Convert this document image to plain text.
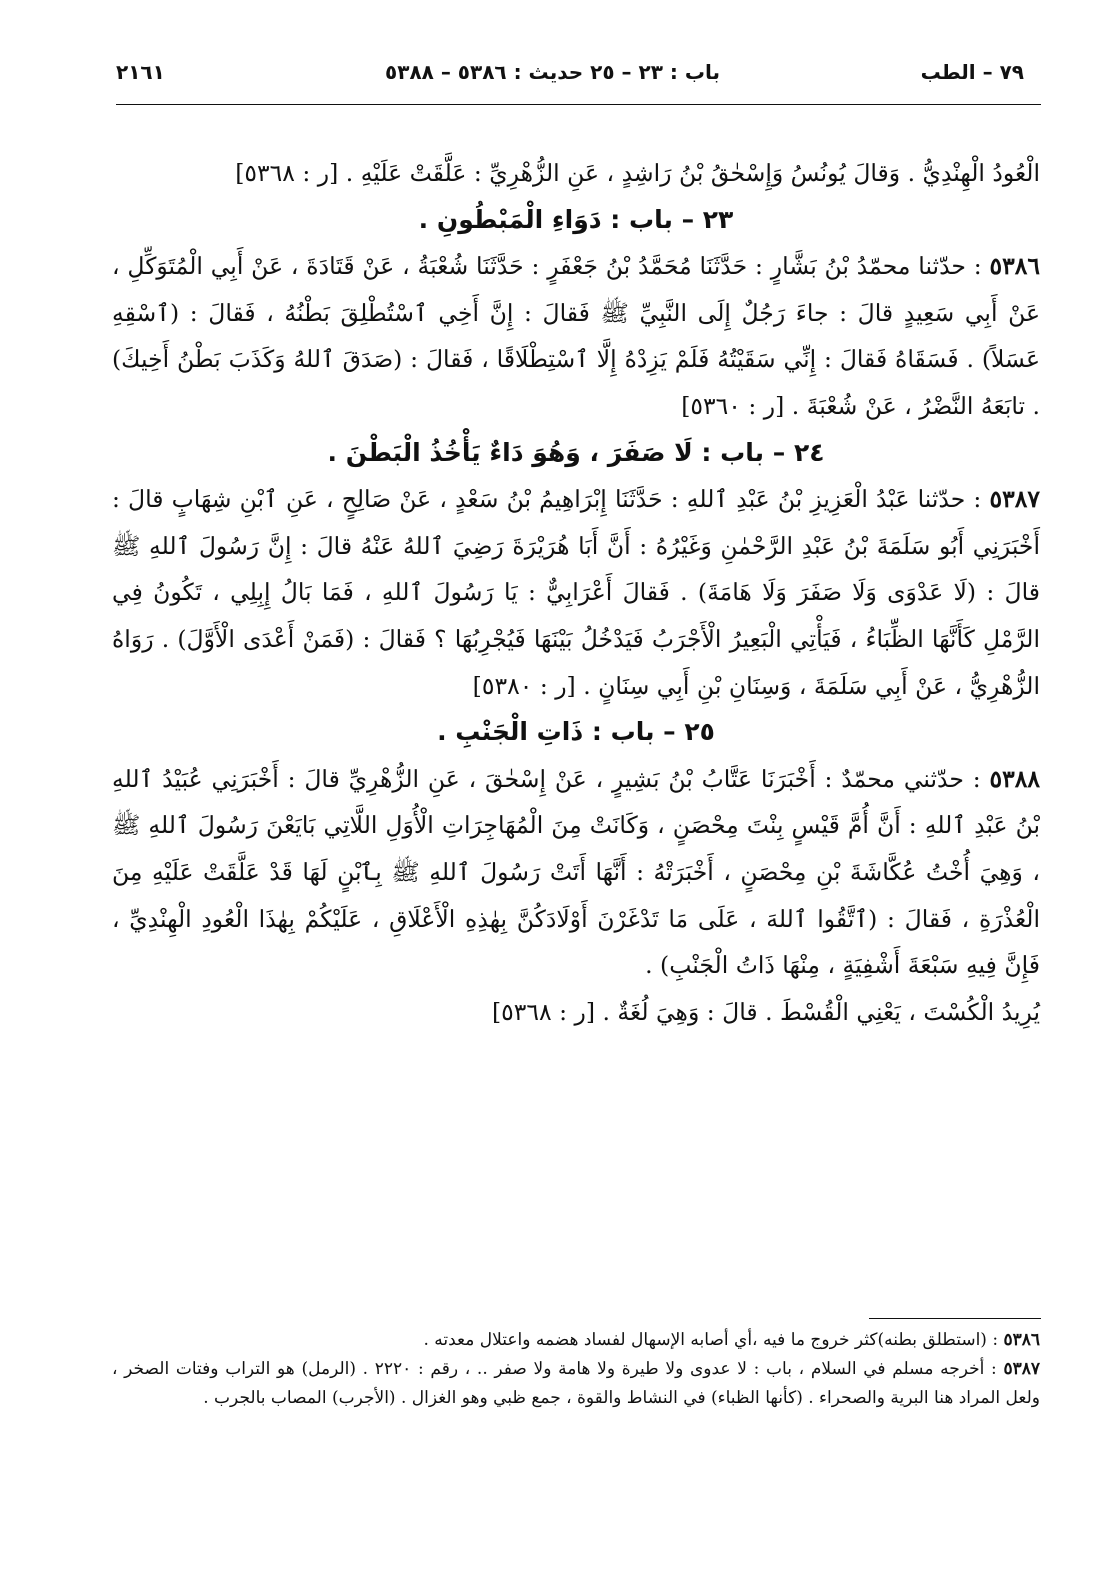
٧٩ – الطب
باب : ٢٣ – ٢٥ حديث : ٥٣٨٦ – ٥٣٨٨
٢١٦١

الْعُودُ الْهِنْدِيُّ . وَقالَ يُونُسُ وَإِسْحٰقُ بْنُ رَاشِدٍ ، عَنِ الزُّهْرِيِّ : عَلَّقَتْ عَلَيْهِ . [ر : ٥٣٦٨]

٢٣ – باب : دَوَاءِ الْمَبْطُونِ .

٥٣٨٦ : حدّثنا محمّدُ بْنُ بَشَّارٍ : حَدَّثَنَا مُحَمَّدُ بْنُ جَعْفَرٍ : حَدَّثَنَا شُعْبَةُ ، عَنْ قَتَادَةَ ، عَنْ أَبِي الْمُتَوَكِّلِ ، عَنْ أَبِي سَعِيدٍ قالَ : جاءَ رَجُلٌ إِلَى النَّبِيِّ ﷺ فَقالَ : إِنَّ أَخِي ٱسْتُطْلِقَ بَطْنُهُ ، فَقالَ : (ٱسْقِهِ عَسَلاً) . فَسَقَاهُ فَقالَ : إِنِّي سَقَيْتُهُ فَلَمْ يَزِدْهُ إِلَّا ٱسْتِطْلَاقًا ، فَقالَ : (صَدَقَ ٱللهُ وَكَذَبَ بَطْنُ أَخِيكَ) . تابَعَهُ النَّضْرُ ، عَنْ شُعْبَةَ . [ر : ٥٣٦٠]

٢٤ – باب : لَا صَفَرَ ، وَهُوَ دَاءٌ يَأْخُذُ الْبَطْنَ .

٥٣٨٧ : حدّثنا عَبْدُ الْعَزِيزِ بْنُ عَبْدِ ٱللهِ : حَدَّثَنَا إِبْرَاهِيمُ بْنُ سَعْدٍ ، عَنْ صَالِحٍ ، عَنِ ٱبْنِ شِهَابٍ قالَ : أَخْبَرَنِي أَبُو سَلَمَةَ بْنُ عَبْدِ الرَّحْمٰنِ وَغَيْرُهُ : أَنَّ أَبَا هُرَيْرَةَ رَضِيَ ٱللهُ عَنْهُ قالَ : إِنَّ رَسُولَ ٱللهِ ﷺ قالَ : (لَا عَدْوَى وَلَا صَفَرَ وَلَا هَامَةَ) . فَقالَ أَعْرَابِيٌّ : يَا رَسُولَ ٱللهِ ، فَمَا بَالُ إِبِلِي ، تَكُونُ فِي الرَّمْلِ كَأَنَّهَا الظِّبَاءُ ، فَيَأْتِي الْبَعِيرُ الْأَجْرَبُ فَيَدْخُلُ بَيْنَهَا فَيُجْرِبُهَا ؟ فَقالَ : (فَمَنْ أَعْدَى الْأَوَّلَ) . رَوَاهُ الزُّهْرِيُّ ، عَنْ أَبِي سَلَمَةَ ، وَسِنَانِ بْنِ أَبِي سِنَانٍ . [ر : ٥٣٨٠]

٢٥ – باب : ذَاتِ الْجَنْبِ .

٥٣٨٨ : حدّثني محمّدٌ : أَخْبَرَنَا عَتَّابُ بْنُ بَشِيرٍ ، عَنْ إِسْحٰقَ ، عَنِ الزُّهْرِيِّ قالَ : أَخْبَرَنِي عُبَيْدُ ٱللهِ بْنُ عَبْدِ ٱللهِ : أَنَّ أُمَّ قَيْسٍ بِنْتَ مِحْصَنٍ ، وَكَانَتْ مِنَ الْمُهَاجِرَاتِ الْأُوَلِ اللَّاتِي بَايَعْنَ رَسُولَ ٱللهِ ﷺ ، وَهِيَ أُخْتُ عُكَّاشَةَ بْنِ مِحْصَنٍ ، أَخْبَرَتْهُ : أَنَّهَا أَتَتْ رَسُولَ ٱللهِ ﷺ بِٱبْنٍ لَهَا قَدْ عَلَّقَتْ عَلَيْهِ مِنَ الْعُذْرَةِ ، فَقالَ : (ٱتَّقُوا ٱللهَ ، عَلَى مَا تَدْغَرْنَ أَوْلَادَكُنَّ بِهٰذِهِ الْأَعْلَاقِ ، عَلَيْكُمْ بِهٰذَا الْعُودِ الْهِنْدِيِّ ، فَإِنَّ فِيهِ سَبْعَةَ أَشْفِيَةٍ ، مِنْهَا ذَاتُ الْجَنْبِ) .

يُرِيدُ الْكُسْتَ ، يَعْنِي الْقُسْطَ . قالَ : وَهِيَ لُغَةٌ . [ر : ٥٣٦٨]

٥٣٨٦ : (استطلق بطنه)كثر خروج ما فيه ،أي أصابه الإسهال لفساد هضمه واعتلال معدته .

٥٣٨٧ : أخرجه مسلم في السلام ، باب : لا عدوى ولا طيرة ولا هامة ولا صفر .. ، رقم : ٢٢٢٠ . (الرمل) هو التراب وفتات الصخر ، ولعل المراد هنا البرية والصحراء . (كأنها الظباء) في النشاط والقوة ، جمع ظبي وهو الغزال . (الأجرب) المصاب بالجرب .
